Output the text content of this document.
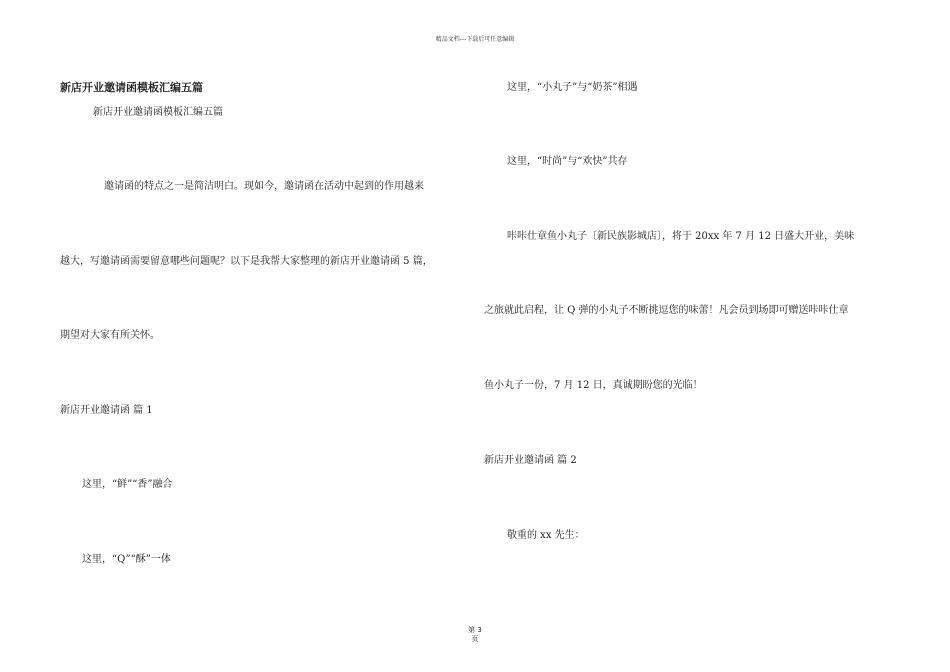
精品文档---下载后可任意编辑
新店开业邀请函模板汇编五篇
新店开业邀请函模板汇编五篇
邀请函的特点之一是简洁明白。现如今，邀请函在活动中起到的作用越来
越大，写邀请函需要留意哪些问题呢？以下是我帮大家整理的新店开业邀请函 5 篇，
期望对大家有所关怀。
新店开业邀请函 篇 1
这里，“鲜”“香”融合
这里，“Q”“酥”一体
这里，“小丸子”与“奶茶”相遇
这里，“时尚”与“欢快”共存
咔咔仕章鱼小丸子〔新民族影城店〕，将于 20xx 年 7 月 12 日盛大开业，美味
之旅就此启程，让 Q 弹的小丸子不断挑逗您的味蕾！凡会员到场即可赠送咔咔仕章
鱼小丸子一份，7 月 12 日，真诚期盼您的光临！
新店开业邀请函 篇 2
敬重的 xx 先生：
第 3
页
